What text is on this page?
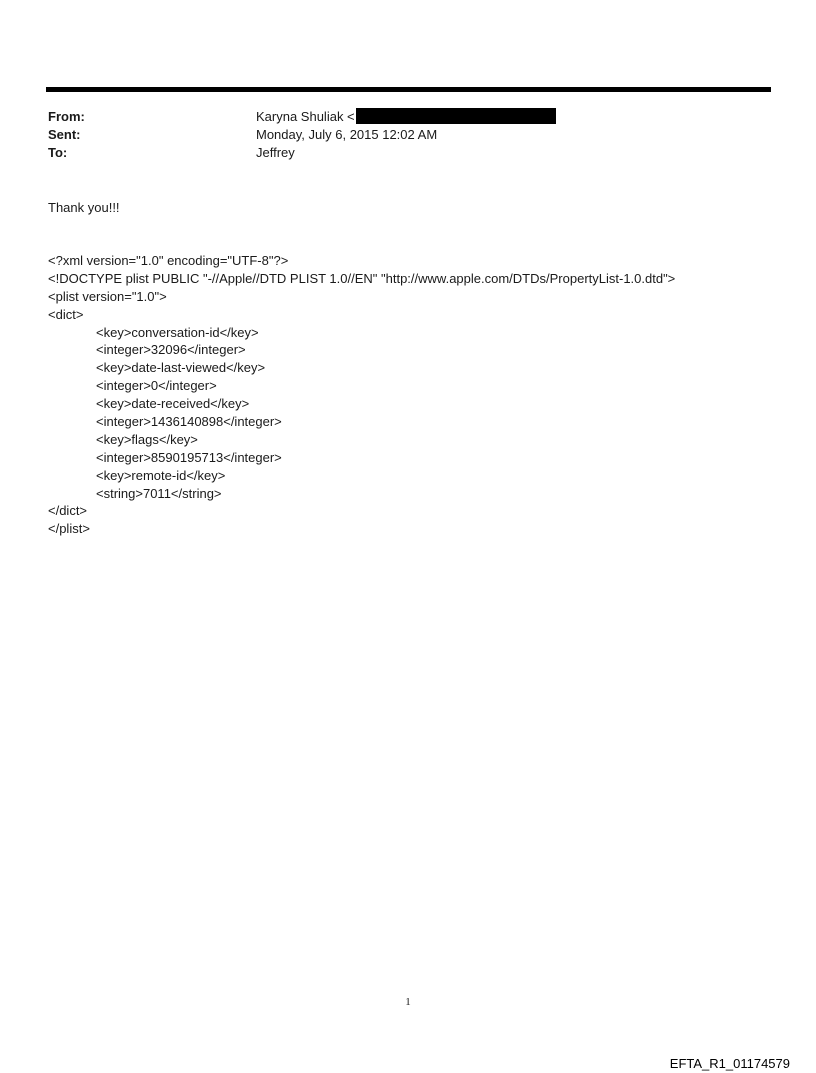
From:	Karyna Shuliak <
Sent:	Monday, July 6, 2015 12:02 AM
To:	Jeffrey
Thank you!!!
<?xml version="1.0" encoding="UTF-8"?>
<!DOCTYPE plist PUBLIC "-//Apple//DTD PLIST 1.0//EN" "http://www.apple.com/DTDs/PropertyList-1.0.dtd">
<plist version="1.0">
<dict>
<key>conversation-id</key>
<integer>32096</integer>
<key>date-last-viewed</key>
<integer>0</integer>
<key>date-received</key>
<integer>1436140898</integer>
<key>flags</key>
<integer>8590195713</integer>
<key>remote-id</key>
<string>7011</string>
</dict>
</plist>
1
EFTA_R1_01174579
